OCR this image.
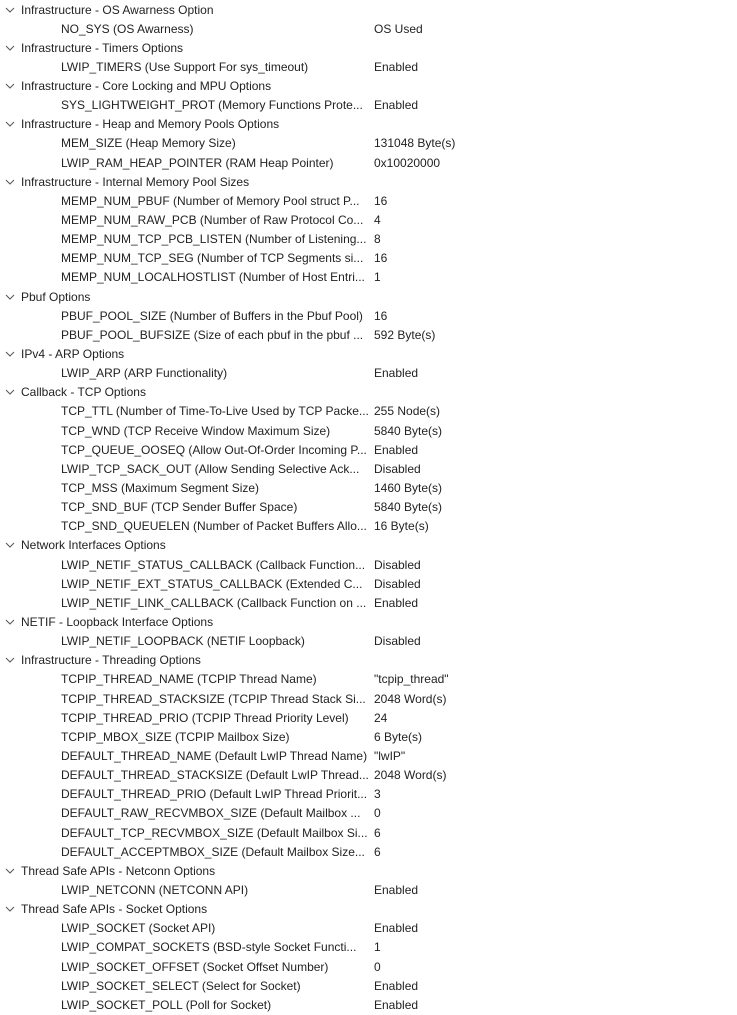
Infrastructure - OS Awarness Option
NO_SYS (OS Awarness)	OS Used
Infrastructure - Timers Options
LWIP_TIMERS (Use Support For sys_timeout)	Enabled
Infrastructure - Core Locking and MPU Options
SYS_LIGHTWEIGHT_PROT (Memory Functions Prote... Enabled
Infrastructure - Heap and Memory Pools Options
MEM_SIZE (Heap Memory Size)	131048 Byte(s)
LWIP_RAM_HEAP_POINTER (RAM Heap Pointer)	0x10020000
Infrastructure - Internal Memory Pool Sizes
MEMP_NUM_PBUF (Number of Memory Pool struct P...	16
MEMP_NUM_RAW_PCB (Number of Raw Protocol Co... 4
MEMP_NUM_TCP_PCB_LISTEN (Number of Listening... 8
MEMP_NUM_TCP_SEG (Number of TCP Segments si... 16
MEMP_NUM_LOCALHOSTLIST (Number of Host Entri... 1
Pbuf Options
PBUF_POOL_SIZE (Number of Buffers in the Pbuf Pool) 16
PBUF_POOL_BUFSIZE (Size of each pbuf in the pbuf ... 592 Byte(s)
IPv4 - ARP Options
LWIP_ARP (ARP Functionality)	Enabled
Callback - TCP Options
TCP_TTL (Number of Time-To-Live Used by TCP Packe... 255 Node(s)
TCP_WND (TCP Receive Window Maximum Size)	5840 Byte(s)
TCP_QUEUE_OOSEQ (Allow Out-Of-Order Incoming P... Enabled
LWIP_TCP_SACK_OUT (Allow Sending Selective Ack...	Disabled
TCP_MSS (Maximum Segment Size)	1460 Byte(s)
TCP_SND_BUF (TCP Sender Buffer Space)	5840 Byte(s)
TCP_SND_QUEUELEN (Number of Packet Buffers Allo... 16 Byte(s)
Network Interfaces Options
LWIP_NETIF_STATUS_CALLBACK (Callback Function... Disabled
LWIP_NETIF_EXT_STATUS_CALLBACK (Extended C... Disabled
LWIP_NETIF_LINK_CALLBACK (Callback Function on ... Enabled
NETIF - Loopback Interface Options
LWIP_NETIF_LOOPBACK (NETIF Loopback)	Disabled
Infrastructure - Threading Options
TCPIP_THREAD_NAME (TCPIP Thread Name)	"tcpip_thread"
TCPIP_THREAD_STACKSIZE (TCPIP Thread Stack Si... 2048 Word(s)
TCPIP_THREAD_PRIO (TCPIP Thread Priority Level)	24
TCPIP_MBOX_SIZE (TCPIP Mailbox Size)	6 Byte(s)
DEFAULT_THREAD_NAME (Default LwIP Thread Name) "lwIP"
DEFAULT_THREAD_STACKSIZE (Default LwIP Thread... 2048 Word(s)
DEFAULT_THREAD_PRIO (Default LwIP Thread Priorit... 3
DEFAULT_RAW_RECVMBOX_SIZE (Default Mailbox ...	0
DEFAULT_TCP_RECVMBOX_SIZE (Default Mailbox Si... 6
DEFAULT_ACCEPTMBOX_SIZE (Default Mailbox Size... 6
Thread Safe APIs - Netconn Options
LWIP_NETCONN (NETCONN API)	Enabled
Thread Safe APIs - Socket Options
LWIP_SOCKET (Socket API)	Enabled
LWIP_COMPAT_SOCKETS (BSD-style Socket Functi...	1
LWIP_SOCKET_OFFSET (Socket Offset Number)	0
LWIP_SOCKET_SELECT (Select for Socket)	Enabled
LWIP_SOCKET_POLL (Poll for Socket)	Enabled
